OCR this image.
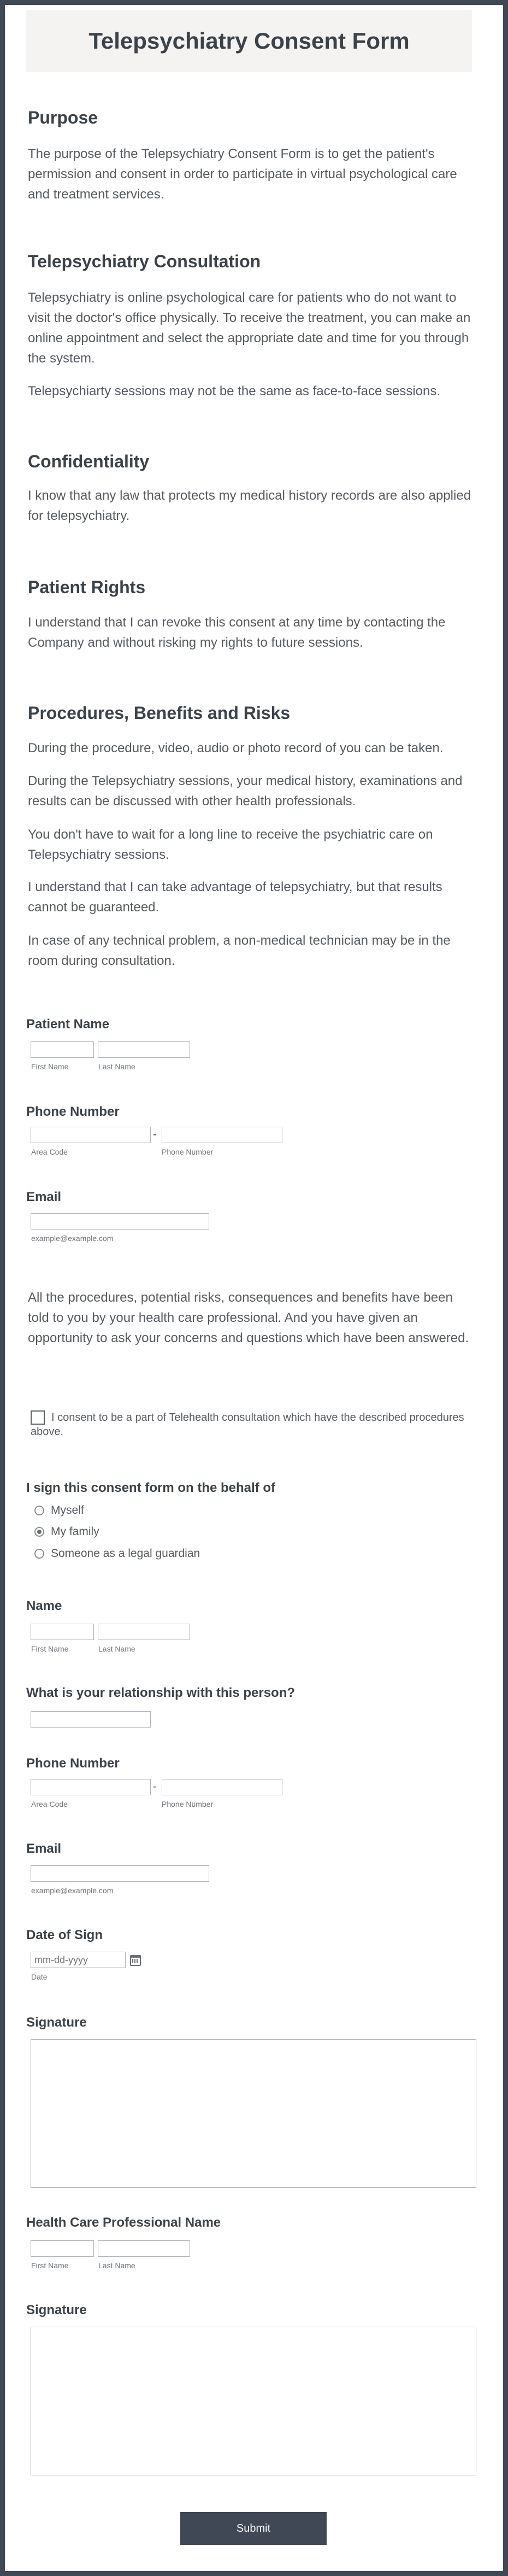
Telepsychiatry Consent Form
Purpose
The purpose of the Telepsychiatry Consent Form is to get the patient's permission and consent in order to participate in virtual psychological care and treatment services.
Telepsychiatry Consultation
Telepsychiatry is online psychological care for patients who do not want to visit the doctor's office physically. To receive the treatment, you can make an online appointment and select the appropriate date and time for you through the system.
Telepsychiarty sessions may not be the same as face-to-face sessions.
Confidentiality
I know that any law that protects my medical history records are also applied for telepsychiatry.
Patient Rights
I understand that I can revoke this consent at any time by contacting the Company and without risking my rights to future sessions.
Procedures, Benefits and Risks
During the procedure, video, audio or photo record of you can be taken.
During the Telepsychiatry sessions, your medical history, examinations and results can be discussed with other health professionals.
You don't have to wait for a long line to receive the psychiatric care on Telepsychiatry sessions.
I understand that I can take advantage of telepsychiatry, but that results cannot be guaranteed.
In case of any technical problem, a non-medical technician may be in the room during consultation.
Patient Name
First Name	Last Name
Phone Number
-
Area Code	Phone Number
Email
example@example.com
All the procedures, potential risks, consequences and benefits have been told to you by your health care professional. And you have given an opportunity to ask your concerns and questions which have been answered.
I consent to be a part of Telehealth consultation which have the described procedures above.
I sign this consent form on the behalf of
Myself
My family
Someone as a legal guardian
Name
First Name	Last Name
What is your relationship with this person?
Phone Number
-
Area Code	Phone Number
Email
example@example.com
Date of Sign
mm-dd-yyyy
Date
Signature
Health Care Professional Name
First Name	Last Name
Signature
Submit
